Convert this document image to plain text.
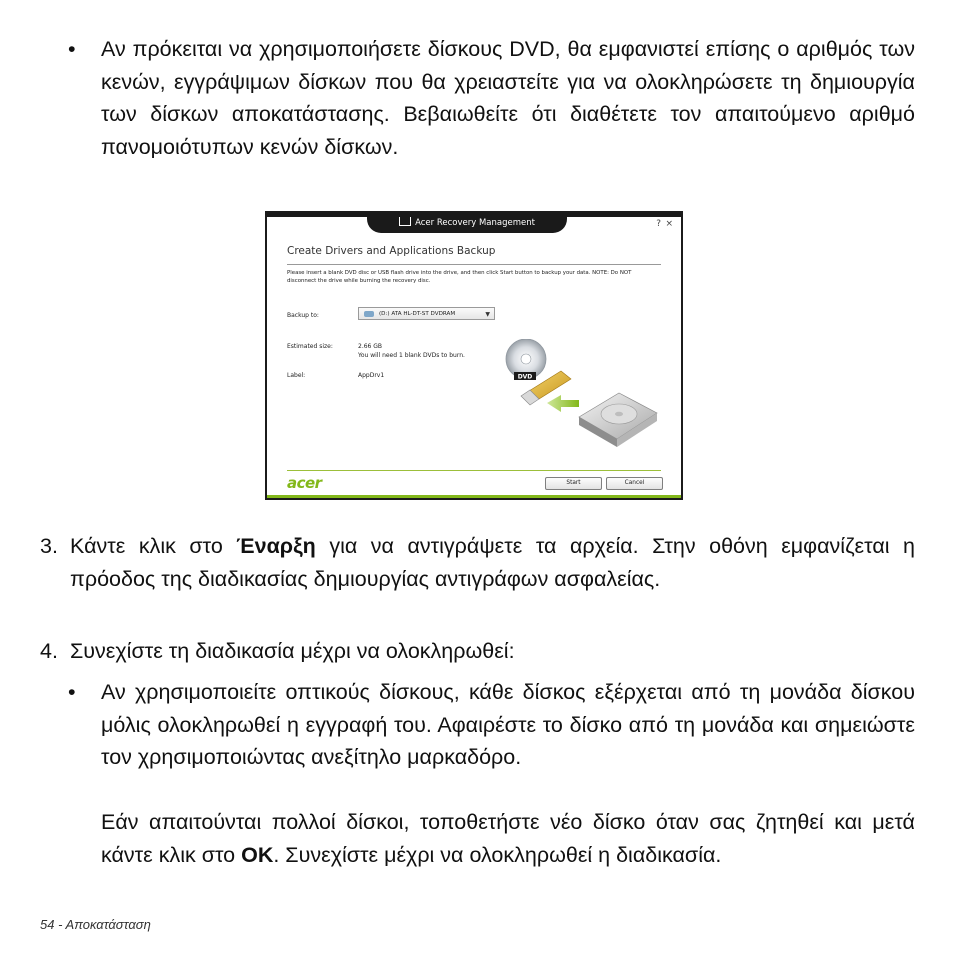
• Αν πρόκειται να χρησιμοποιήσετε δίσκους DVD, θα εμφανιστεί επίσης ο αριθμός των κενών, εγγράψιμων δίσκων που θα χρειαστείτε για να ολοκληρώσετε τη δημιουργία των δίσκων αποκατάστασης. Βεβαιωθείτε ότι διαθέτετε τον απαιτούμενο αριθμό πανομοιότυπων κενών δίσκων.

Acer Recovery Management	? ×
Create Drivers and Applications Backup
Please insert a blank DVD disc or USB flash drive into the drive, and then click Start button to backup your data. NOTE: Do NOT disconnect the drive while burning the recovery disc.
Backup to:	(D:) ATA HL-DT-ST DVDRAM	▼
Estimated size:	2.66 GB
You will need 1 blank DVDs to burn.
Label:	AppDrv1	DVD
acer	Start	Cancel
3. Κάντε κλικ στο Έναρξη για να αντιγράψετε τα αρχεία. Στην οθόνη εμφανίζεται η πρόοδος της διαδικασίας δημιουργίας αντιγράφων ασφαλείας.

4. Συνεχίστε τη διαδικασία μέχρι να ολοκληρωθεί:

• Αν χρησιμοποιείτε οπτικούς δίσκους, κάθε δίσκος εξέρχεται από τη μονάδα δίσκου μόλις ολοκληρωθεί η εγγραφή του. Αφαιρέστε το δίσκο από τη μονάδα και σημειώστε τον χρησιμοποιώντας ανεξίτηλο μαρκαδόρο.

Εάν απαιτούνται πολλοί δίσκοι, τοποθετήστε νέο δίσκο όταν σας ζητηθεί και μετά κάντε κλικ στο OK. Συνεχίστε μέχρι να ολοκληρωθεί η διαδικασία.

54 - Αποκατάσταση
